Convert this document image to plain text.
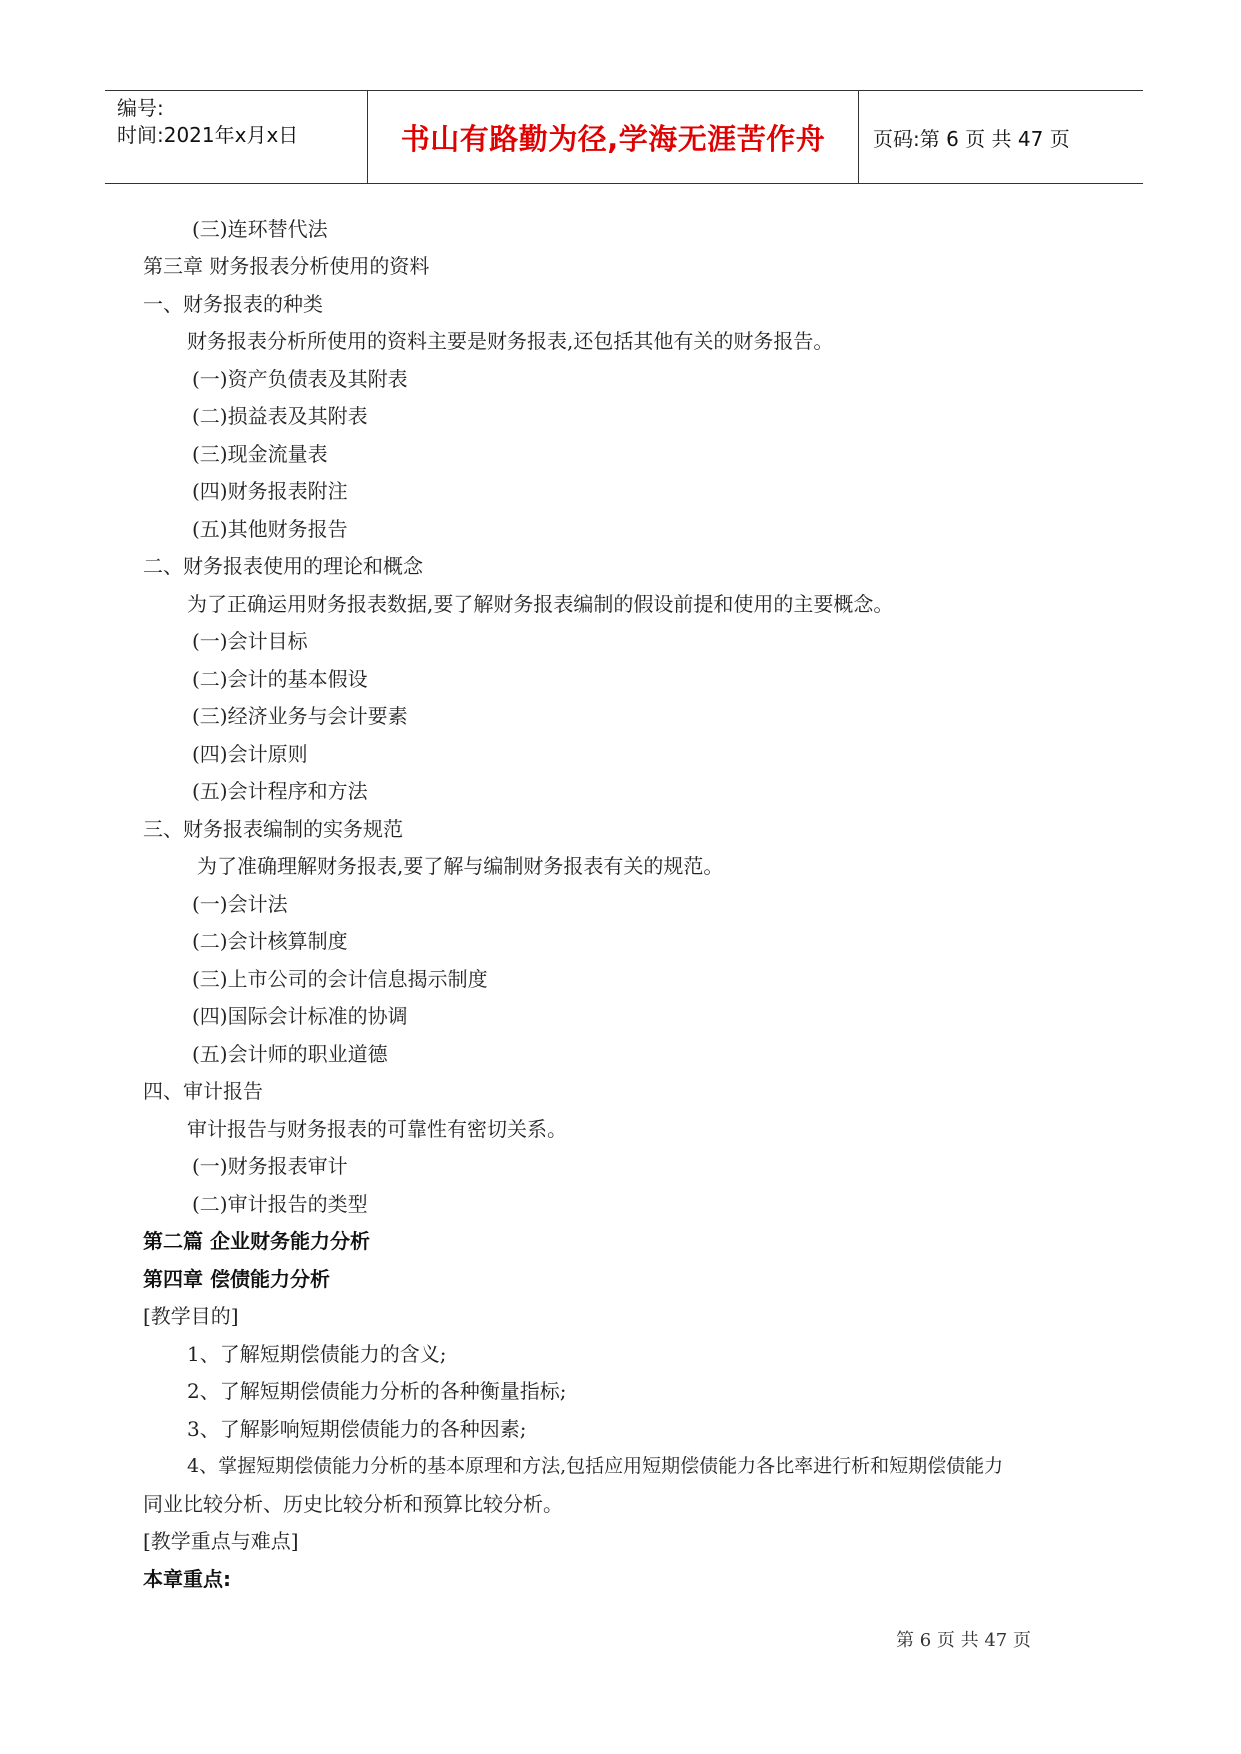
编号:
时间:2021年x月x日	书山有路勤为径,学海无涯苦作舟	页码:第 6 页 共 47 页
(三)连环替代法
第三章 财务报表分析使用的资料
一、财务报表的种类
财务报表分析所使用的资料主要是财务报表,还包括其他有关的财务报告。
(一)资产负债表及其附表
(二)损益表及其附表
(三)现金流量表
(四)财务报表附注
(五)其他财务报告
二、财务报表使用的理论和概念
为了正确运用财务报表数据,要了解财务报表编制的假设前提和使用的主要概念。
(一)会计目标
(二)会计的基本假设
(三)经济业务与会计要素
(四)会计原则
(五)会计程序和方法
三、财务报表编制的实务规范
为了准确理解财务报表,要了解与编制财务报表有关的规范。
(一)会计法
(二)会计核算制度
(三)上市公司的会计信息揭示制度
(四)国际会计标准的协调
(五)会计师的职业道德
四、审计报告
审计报告与财务报表的可靠性有密切关系。
(一)财务报表审计
(二)审计报告的类型
第二篇 企业财务能力分析
第四章 偿债能力分析
[教学目的]
1、了解短期偿债能力的含义;
2、了解短期偿债能力分析的各种衡量指标;
3、了解影响短期偿债能力的各种因素;
4、掌握短期偿债能力分析的基本原理和方法,包括应用短期偿债能力各比率进行析和短期偿债能力
同业比较分析、历史比较分析和预算比较分析。
[教学重点与难点]
本章重点:
第 6 页 共 47 页
